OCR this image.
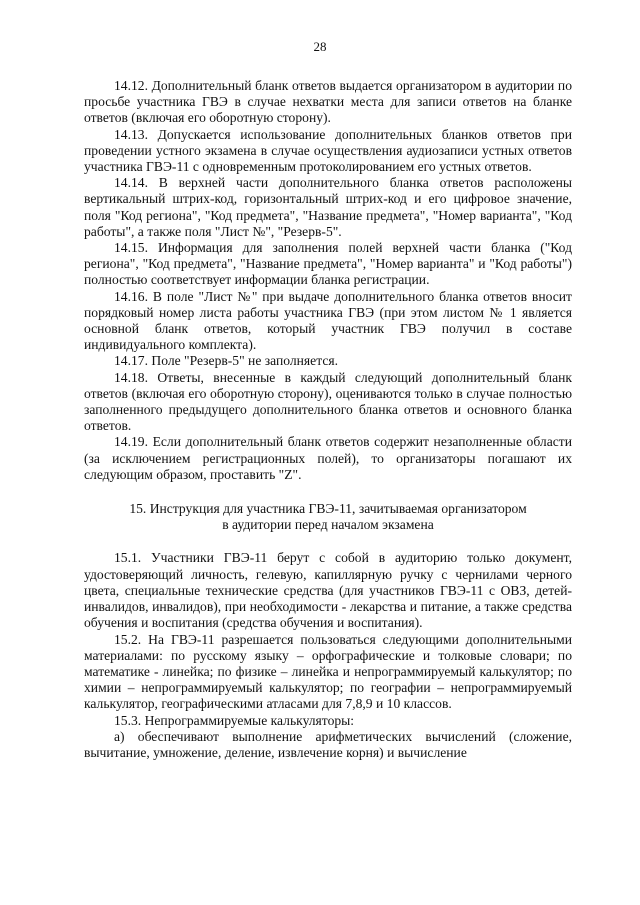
28

14.12. Дополнительный бланк ответов выдается организатором в аудитории по просьбе участника ГВЭ в случае нехватки места для записи ответов на бланке ответов (включая его оборотную сторону).

14.13. Допускается использование дополнительных бланков ответов при проведении устного экзамена в случае осуществления аудиозаписи устных ответов участника ГВЭ-11 с одновременным протоколированием его устных ответов.

14.14. В верхней части дополнительного бланка ответов расположены вертикальный штрих-код, горизонтальный штрих-код и его цифровое значение, поля "Код региона", "Код предмета", "Название предмета", "Номер варианта", "Код работы", а также поля "Лист №", "Резерв-5".

14.15. Информация для заполнения полей верхней части бланка ("Код региона", "Код предмета", "Название предмета", "Номер варианта" и "Код работы") полностью соответствует информации бланка регистрации.

14.16. В поле "Лист №" при выдаче дополнительного бланка ответов вносит порядковый номер листа работы участника ГВЭ (при этом листом № 1 является основной бланк ответов, который участник ГВЭ получил в составе индивидуального комплекта).

14.17. Поле "Резерв-5" не заполняется.

14.18. Ответы, внесенные в каждый следующий дополнительный бланк ответов (включая его оборотную сторону), оцениваются только в случае полностью заполненного предыдущего дополнительного бланка ответов и основного бланка ответов.

14.19. Если дополнительный бланк ответов содержит незаполненные области (за исключением регистрационных полей), то организаторы погашают их следующим образом, проставить "Z".

15. Инструкция для участника ГВЭ-11, зачитываемая организатором
в аудитории перед началом экзамена

15.1. Участники ГВЭ-11 берут с собой в аудиторию только документ, удостоверяющий личность, гелевую, капиллярную ручку с чернилами черного цвета, специальные технические средства (для участников ГВЭ-11 с ОВЗ, детей-инвалидов, инвалидов), при необходимости - лекарства и питание, а также средства обучения и воспитания (средства обучения и воспитания).

15.2. На ГВЭ-11 разрешается пользоваться следующими дополнительными материалами: по русскому языку – орфографические и толковые словари; по математике - линейка; по физике – линейка и непрограммируемый калькулятор; по химии – непрограммируемый калькулятор; по географии – непрограммируемый калькулятор, географическими атласами для 7,8,9 и 10 классов.

15.3. Непрограммируемые калькуляторы:

а) обеспечивают выполнение арифметических вычислений (сложение, вычитание, умножение, деление, извлечение корня) и вычисление
